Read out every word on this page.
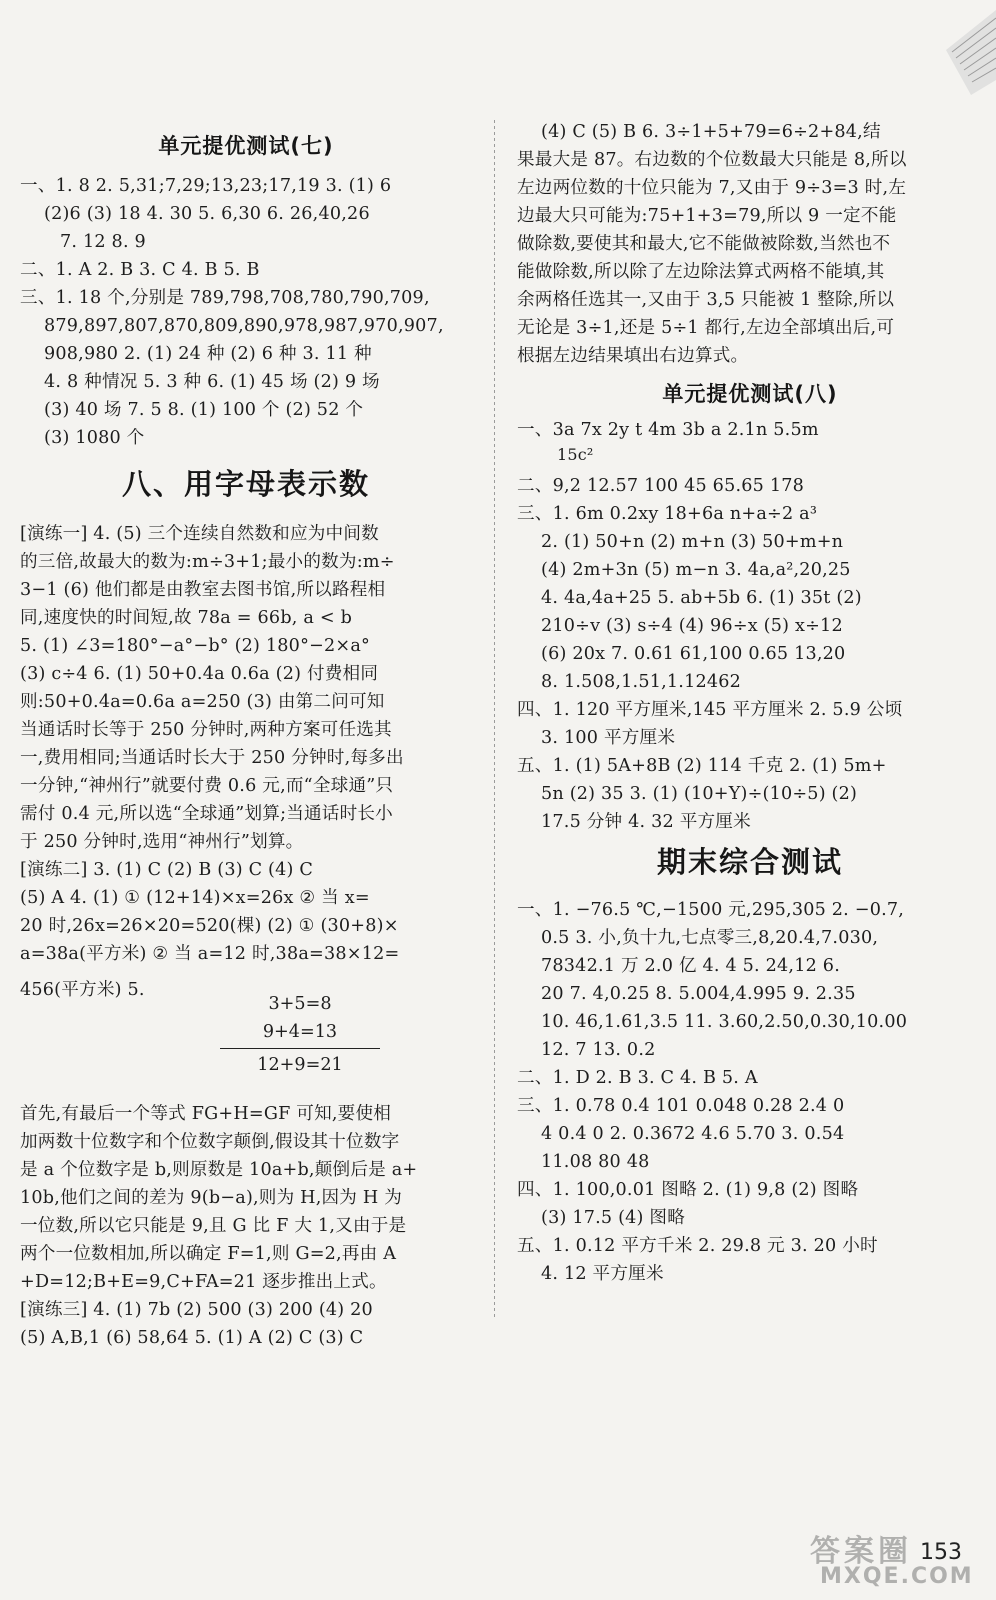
单元提优测试(七)
一、1. 8 2. 5,31;7,29;13,23;17,19 3. (1) 6
(2)6 (3) 18 4. 30 5. 6,30 6. 26,40,26
7. 12 8. 9
二、1. A 2. B 3. C 4. B 5. B
三、1. 18 个,分别是 789,798,708,780,790,709,
879,897,807,870,809,890,978,987,970,907,
908,980 2. (1) 24 种 (2) 6 种 3. 11 种
4. 8 种情况 5. 3 种 6. (1) 45 场 (2) 9 场
(3) 40 场 7. 5 8. (1) 100 个 (2) 52 个
(3) 1080 个
八、用字母表示数
[演练一] 4. (5) 三个连续自然数和应为中间数
的三倍,故最大的数为:m÷3+1;最小的数为:m÷
3−1 (6) 他们都是由教室去图书馆,所以路程相
同,速度快的时间短,故 78a = 66b, a < b
5. (1) ∠3=180°−a°−b° (2) 180°−2×a°
(3) c÷4 6. (1) 50+0.4a 0.6a (2) 付费相同
则:50+0.4a=0.6a a=250 (3) 由第二问可知
当通话时长等于 250 分钟时,两种方案可任选其
一,费用相同;当通话时长大于 250 分钟时,每多出
一分钟,“神州行”就要付费 0.6 元,而“全球通”只
需付 0.4 元,所以选“全球通”划算;当通话时长小
于 250 分钟时,选用“神州行”划算。
[演练二] 3. (1) C (2) B (3) C (4) C
(5) A 4. (1) ① (12+14)×x=26x ② 当 x=
20 时,26x=26×20=520(棵) (2) ① (30+8)×
a=38a(平方米) ② 当 a=12 时,38a=38×12=
456(平方米) 5.
3+5=8
9+4=13
12+9=21
首先,有最后一个等式 FG+H=GF 可知,要使相
加两数十位数字和个位数字颠倒,假设其十位数字
是 a 个位数字是 b,则原数是 10a+b,颠倒后是 a+
10b,他们之间的差为 9(b−a),则为 H,因为 H 为
一位数,所以它只能是 9,且 G 比 F 大 1,又由于是
两个一位数相加,所以确定 F=1,则 G=2,再由 A
+D=12;B+E=9,C+FA=21 逐步推出上式。
[演练三] 4. (1) 7b (2) 500 (3) 200 (4) 20
(5) A,B,1 (6) 58,64 5. (1) A (2) C (3) C
(4) C (5) B 6. 3÷1+5+79=6÷2+84,结
果最大是 87。右边数的个位数最大只能是 8,所以
左边两位数的十位只能为 7,又由于 9÷3=3 时,左
边最大只可能为:75+1+3=79,所以 9 一定不能
做除数,要使其和最大,它不能做被除数,当然也不
能做除数,所以除了左边除法算式两格不能填,其
余两格任选其一,又由于 3,5 只能被 1 整除,所以
无论是 3÷1,还是 5÷1 都行,左边全部填出后,可
根据左边结果填出右边算式。
单元提优测试(八)
一、3a 7x 2y t 4m 3b a 2.1n 5.5m
15c²
二、9,2 12.57 100 45 65.65 178
三、1. 6m 0.2xy 18+6a n+a÷2 a³
2. (1) 50+n (2) m+n (3) 50+m+n
(4) 2m+3n (5) m−n 3. 4a,a²,20,25
4. 4a,4a+25 5. ab+5b 6. (1) 35t (2)
210÷v (3) s÷4 (4) 96÷x (5) x÷12
(6) 20x 7. 0.61 61,100 0.65 13,20
8. 1.508,1.51,1.12462
四、1. 120 平方厘米,145 平方厘米 2. 5.9 公顷
3. 100 平方厘米
五、1. (1) 5A+8B (2) 114 千克 2. (1) 5m+
5n (2) 35 3. (1) (10+Y)÷(10÷5) (2)
17.5 分钟 4. 32 平方厘米
期末综合测试
一、1. −76.5 ℃,−1500 元,295,305 2. −0.7,
0.5 3. 小,负十九,七点零三,8,20.4,7.030,
78342.1 万 2.0 亿 4. 4 5. 24,12 6.
20 7. 4,0.25 8. 5.004,4.995 9. 2.35
10. 46,1.61,3.5 11. 3.60,2.50,0.30,10.00
12. 7 13. 0.2
二、1. D 2. B 3. C 4. B 5. A
三、1. 0.78 0.4 101 0.048 0.28 2.4 0
4 0.4 0 2. 0.3672 4.6 5.70 3. 0.54
11.08 80 48
四、1. 100,0.01 图略 2. (1) 9,8 (2) 图略
(3) 17.5 (4) 图略
五、1. 0.12 平方千米 2. 29.8 元 3. 20 小时
4. 12 平方厘米
153
答案圈
MXQE.COM
